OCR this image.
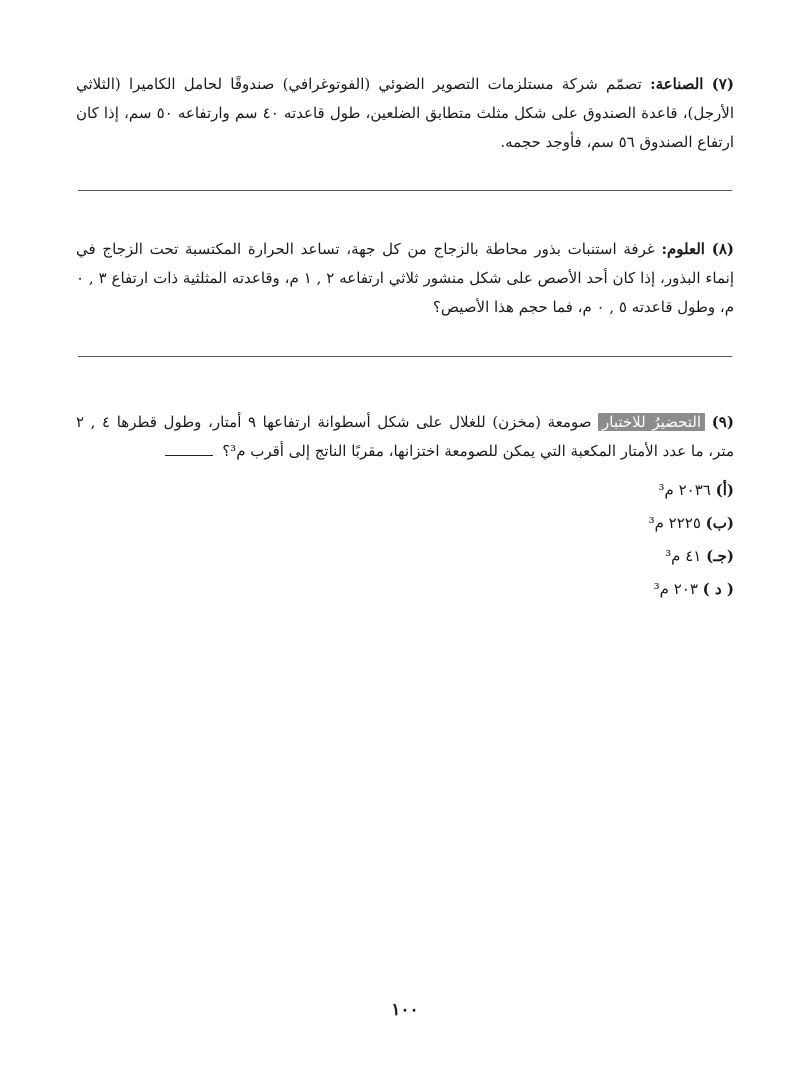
(٧) الصناعة: تصمّم شركة مستلزمات التصوير الضوئي (الفوتوغرافي) صندوقًا لحامل الكاميرا (الثلاثي الأرجل)، قاعدة الصندوق على شكل مثلث متطابق الضلعين، طول قاعدته ٤٠ سم وارتفاعه ٥٠ سم، إذا كان ارتفاع الصندوق ٥٦ سم، فأوجد حجمه.

(٨) العلوم: غرفة استنبات بذور محاطة بالزجاج من كل جهة، تساعد الحرارة المكتسبة تحت الزجاج في إنماء البذور، إذا كان أحد الأصص على شكل منشور ثلاثي ارتفاعه ٢ , ١ م، وقاعدته المثلثية ذات ارتفاع ٣ , ٠ م، وطول قاعدته ٥ , ٠ م، فما حجم هذا الأصيص؟

(٩) التحضيرُ للاختبار صومعة (مخزن) للغلال على شكل أسطوانة ارتفاعها ٩ أمتار، وطول قطرها ٤ , ٢ متر، ما عدد الأمتار المكعبة التي يمكن للصومعة اختزانها، مقربًا الناتج إلى أقرب م³؟

(أ) ٢٠٣٦ م³
(ب) ٢٢٢٥ م³
(جـ) ٤١ م³
( د ) ٢٠٣ م³
١٠٠
